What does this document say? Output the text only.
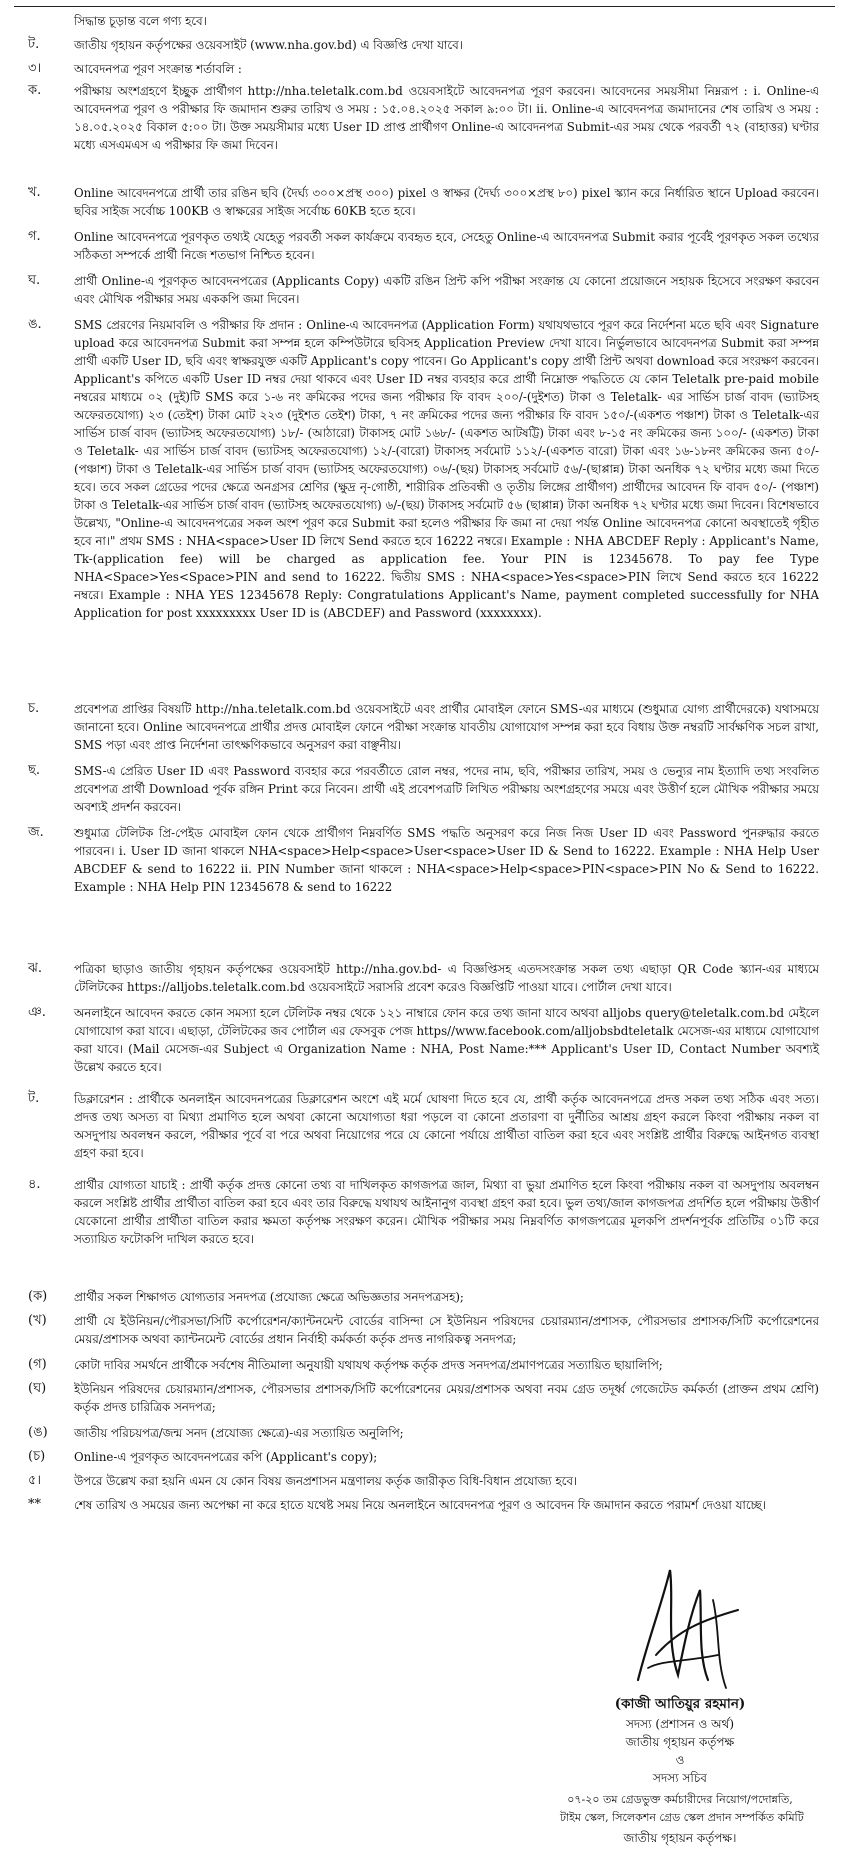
সিদ্ধান্ত চূড়ান্ত বলে গণ্য হবে।
ট.	জাতীয় গৃহায়ন কর্তৃপক্ষের ওয়েবসাইট (www.nha.gov.bd) এ বিজ্ঞপ্তি দেখা যাবে।
৩।	আবেদনপত্র পূরণ সংক্রান্ত শর্তাবলি :
ক.	পরীক্ষায় অংশগ্রহণে ইচ্ছুক প্রার্থীগণ http://nha.teletalk.com.bd ওয়েবসাইটে আবেদনপত্র পূরণ করবেন। আবেদনের সময়সীমা নিম্নরূপ : i. Online-এ আবেদনপত্র পূরণ ও পরীক্ষার ফি জমাদান শুরুর তারিখ ও সময় : ১৫.০৪.২০২৫ সকাল ৯:০০ টা। ii. Online-এ আবেদনপত্র জমাদানের শেষ তারিখ ও সময় : ১৪.০৫.২০২৫ বিকাল ৫:০০ টা। উক্ত সময়সীমার মধ্যে User ID প্রাপ্ত প্রার্থীগণ Online-এ আবেদনপত্র Submit-এর সময় থেকে পরবর্তী ৭২ (বাহাত্তর) ঘণ্টার মধ্যে এসএমএস এ পরীক্ষার ফি জমা দিবেন।
খ.	Online আবেদনপত্রে প্রার্থী তার রঙিন ছবি (দৈর্ঘ্য ৩০০×প্রস্থ ৩০০) pixel ও স্বাক্ষর (দৈর্ঘ্য ৩০০×প্রস্থ ৮০) pixel স্ক্যান করে নির্ধারিত স্থানে Upload করবেন। ছবির সাইজ সর্বোচ্চ 100KB ও স্বাক্ষরের সাইজ সর্বোচ্চ 60KB হতে হবে।
গ.	Online আবেদনপত্রে পূরণকৃত তথ্যই যেহেতু পরবর্তী সকল কার্যক্রমে ব্যবহৃত হবে, সেহেতু Online-এ আবেদনপত্র Submit করার পূর্বেই পূরণকৃত সকল তথ্যের সঠিকতা সম্পর্কে প্রার্থী নিজে শতভাগ নিশ্চিত হবেন।
ঘ.	প্রার্থী Online-এ পূরণকৃত আবেদনপত্রের (Applicants Copy) একটি রঙিন প্রিন্ট কপি পরীক্ষা সংক্রান্ত যে কোনো প্রয়োজনে সহায়ক হিসেবে সংরক্ষণ করবেন এবং মৌখিক পরীক্ষার সময় এককপি জমা দিবেন।
ঙ.	SMS প্রেরণের নিয়মাবলি ও পরীক্ষার ফি প্রদান : Online-এ আবেদনপত্র (Application Form) যথাযথভাবে পূরণ করে নির্দেশনা মতে ছবি এবং Signature upload করে আবেদনপত্র Submit করা সম্পন্ন হলে কম্পিউটারে ছবিসহ Application Preview দেখা যাবে। নির্ভুলভাবে আবেদনপত্র Submit করা সম্পন্ন প্রার্থী একটি User ID, ছবি এবং স্বাক্ষরযুক্ত একটি Applicant's copy পাবেন। Go Applicant's copy প্রার্থী প্রিন্ট অথবা download করে সংরক্ষণ করবেন। Applicant's কপিতে একটি User ID নম্বর দেয়া থাকবে এবং User ID নম্বর ব্যবহার করে প্রার্থী নিম্নোক্ত পদ্ধতিতে যে কোন Teletalk pre-paid mobile নম্বরের মাধ্যমে ০২ (দুই)টি SMS করে ১-৬ নং ক্রমিকের পদের জন্য পরীক্ষার ফি বাবদ ২০০/-(দুইশত) টাকা ও Teletalk- এর সার্ভিস চার্জ বাবদ (ভ্যাটসহ অফেরতযোগ্য) ২৩ (তেইশ) টাকা মোট ২২৩ (দুইশত তেইশ) টাকা, ৭ নং ক্রমিকের পদের জন্য পরীক্ষার ফি বাবদ ১৫০/-(একশত পঞ্চাশ) টাকা ও Teletalk-এর সার্ভিস চার্জ বাবদ (ভ্যাটসহ অফেরতযোগ্য) ১৮/- (আঠারো) টাকাসহ মোট ১৬৮/- (একশত আটষট্টি) টাকা এবং ৮-১৫ নং ক্রমিকের জন্য ১০০/- (একশত) টাকা ও Teletalk- এর সার্ভিস চার্জ বাবদ (ভ্যাটসহ অফেরতযোগ্য) ১২/-(বারো) টাকাসহ সর্বমোট ১১২/-(একশত বারো) টাকা এবং ১৬-১৮নং ক্রমিকের জন্য ৫০/- (পঞ্চাশ) টাকা ও Teletalk-এর সার্ভিস চার্জ বাবদ (ভ্যাটসহ অফেরতযোগ্য) ০৬/-(ছয়) টাকাসহ সর্বমোট ৫৬/-(ছাপ্পান্ন) টাকা অনধিক ৭২ ঘণ্টার মধ্যে জমা দিতে হবে। তবে সকল গ্রেডের পদের ক্ষেত্রে অনগ্রসর শ্রেণির (ক্ষুদ্র নৃ-গোষ্ঠী, শারীরিক প্রতিবন্ধী ও তৃতীয় লিঙ্গের প্রার্থীগণ) প্রার্থীদের আবেদন ফি বাবদ ৫০/- (পঞ্চাশ) টাকা ও Teletalk-এর সার্ভিস চার্জ বাবদ (ভ্যাটসহ অফেরতযোগ্য) ৬/-(ছয়) টাকাসহ সর্বমোট ৫৬ (ছাপ্পান্ন) টাকা অনধিক ৭২ ঘণ্টার মধ্যে জমা দিবেন। বিশেষভাবে উল্লেখ্য, "Online-এ আবেদনপত্রের সকল অংশ পূরণ করে Submit করা হলেও পরীক্ষার ফি জমা না দেয়া পর্যন্ত Online আবেদনপত্র কোনো অবস্থাতেই গৃহীত হবে না।" প্রথম SMS : NHA<space>User ID লিখে Send করতে হবে 16222 নম্বরে। Example : NHA ABCDEF Reply : Applicant's Name, Tk-(application fee) will be charged as application fee. Your PIN is 12345678. To pay fee Type NHA<Space>Yes<Space>PIN and send to 16222. দ্বিতীয় SMS : NHA<space>Yes<space>PIN লিখে Send করতে হবে 16222 নম্বরে। Example : NHA YES 12345678 Reply: Congratulations Applicant's Name, payment completed successfully for NHA Application for post xxxxxxxxx User ID is (ABCDEF) and Password (xxxxxxxx).
চ.	প্রবেশপত্র প্রাপ্তির বিষয়টি http://nha.teletalk.com.bd ওয়েবসাইটে এবং প্রার্থীর মোবাইল ফোনে SMS-এর মাধ্যমে (শুধুমাত্র যোগ্য প্রার্থীদেরকে) যথাসময়ে জানানো হবে। Online আবেদনপত্রে প্রার্থীর প্রদত্ত মোবাইল ফোনে পরীক্ষা সংক্রান্ত যাবতীয় যোগাযোগ সম্পন্ন করা হবে বিধায় উক্ত নম্বরটি সার্বক্ষণিক সচল রাখা, SMS পড়া এবং প্রাপ্ত নির্দেশনা তাৎক্ষণিকভাবে অনুসরণ করা বাঞ্ছনীয়।
ছ.	SMS-এ প্রেরিত User ID এবং Password ব্যবহার করে পরবর্তীতে রোল নম্বর, পদের নাম, ছবি, পরীক্ষার তারিখ, সময় ও ভেন্যুর নাম ইত্যাদি তথ্য সংবলিত প্রবেশপত্র প্রার্থী Download পূর্বক রঙ্গিন Print করে নিবেন। প্রার্থী এই প্রবেশপত্রটি লিখিত পরীক্ষায় অংশগ্রহণের সময়ে এবং উত্তীর্ণ হলে মৌখিক পরীক্ষার সময়ে অবশ্যই প্রদর্শন করবেন।
জ.	শুধুমাত্র টেলিটক প্রি-পেইড মোবাইল ফোন থেকে প্রার্থীগণ নিম্নবর্ণিত SMS পদ্ধতি অনুসরণ করে নিজ নিজ User ID এবং Password পুনরুদ্ধার করতে পারবেন। i. User ID জানা থাকলে NHA<space>Help<space>User<space>User ID & Send to 16222. Example : NHA Help User ABCDEF & send to 16222 ii. PIN Number জানা থাকলে : NHA<space>Help<space>PIN<space>PIN No & Send to 16222. Example : NHA Help PIN 12345678 & send to 16222
ঝ.	পত্রিকা ছাড়াও জাতীয় গৃহায়ন কর্তৃপক্ষের ওয়েবসাইট http://nha.gov.bd- এ বিজ্ঞপ্তিসহ এতদসংক্রান্ত সকল তথ্য এছাড়া QR Code স্ক্যান-এর মাধ্যমে টেলিটকের https://alljobs.teletalk.com.bd ওয়েবসাইটে সরাসরি প্রবেশ করেও বিজ্ঞপ্তিটি পাওয়া যাবে। পোর্টাল দেখা যাবে।
ঞ. অনলাইনে আবেদন করতে কোন সমস্যা হলে টেলিটক নম্বর থেকে ১২১ নাম্বারে ফোন করে তথ্য জানা যাবে অথবা alljobs query@teletalk.com.bd মেইলে যোগাযোগ করা যাবে। এছাড়া, টেলিটকের জব পোর্টাল এর ফেসবুক পেজ https//www.facebook.com/alljobsbdteletalk মেসেজ-এর মাধ্যমে যোগাযোগ করা যাবে। (Mail মেসেজ-এর Subject এ Organization Name : NHA, Post Name:*** Applicant's User ID, Contact Number অবশ্যই উল্লেখ করতে হবে।
ট.	ডিক্লারেশন : প্রার্থীকে অনলাইন আবেদনপত্রের ডিক্লারেশন অংশে এই মর্মে ঘোষণা দিতে হবে যে, প্রার্থী কর্তৃক আবেদনপত্রে প্রদত্ত সকল তথ্য সঠিক এবং সত্য। প্রদত্ত তথ্য অসত্য বা মিথ্যা প্রমাণিত হলে অথবা কোনো অযোগ্যতা ধরা পড়লে বা কোনো প্রতারণা বা দুর্নীতির আশ্রয় গ্রহণ করলে কিংবা পরীক্ষায় নকল বা অসদুপায় অবলম্বন করলে, পরীক্ষার পূর্বে বা পরে অথবা নিয়োগের পরে যে কোনো পর্যায়ে প্রার্থীতা বাতিল করা হবে এবং সংশ্লিষ্ট প্রার্থীর বিরুদ্ধে আইনগত ব্যবস্থা গ্রহণ করা হবে।
৪.	প্রার্থীর যোগ্যতা যাচাই : প্রার্থী কর্তৃক প্রদত্ত কোনো তথ্য বা দাখিলকৃত কাগজপত্র জাল, মিথ্যা বা ভুয়া প্রমাণিত হলে কিংবা পরীক্ষায় নকল বা অসদুপায় অবলম্বন করলে সংশ্লিষ্ট প্রার্থীর প্রার্থীতা বাতিল করা হবে এবং তার বিরুদ্ধে যথাযথ আইনানুগ ব্যবস্থা গ্রহণ করা হবে। ভুল তথ্য/জাল কাগজপত্র প্রদর্শিত হলে পরীক্ষায় উত্তীর্ণ যেকোনো প্রার্থীর প্রার্থীতা বাতিল করার ক্ষমতা কর্তৃপক্ষ সংরক্ষণ করেন। মৌখিক পরীক্ষার সময় নিম্নবর্ণিত কাগজপত্রের মূলকপি প্রদর্শনপূর্বক প্রতিটির ০১টি করে সত্যায়িত ফটোকপি দাখিল করতে হবে।
(ক) প্রার্থীর সকল শিক্ষাগত যোগ্যতার সনদপত্র (প্রযোজ্য ক্ষেত্রে অভিজ্ঞতার সনদপত্রসহ);
(খ) প্রার্থী যে ইউনিয়ন/পৌরসভা/সিটি কর্পোরেশন/ক্যান্টনমেন্ট বোর্ডের বাসিন্দা সে ইউনিয়ন পরিষদের চেয়ারম্যান/প্রশাসক, পৌরসভার প্রশাসক/সিটি কর্পোরেশনের মেয়র/প্রশাসক অথবা ক্যান্টনমেন্ট বোর্ডের প্রধান নির্বাহী কর্মকর্তা কর্তৃক প্রদত্ত নাগরিকত্ব সনদপত্র;
(গ) কোটা দাবির সমর্থনে প্রার্থীকে সর্বশেষ নীতিমালা অনুযায়ী যথাযথ কর্তৃপক্ষ কর্তৃক প্রদত্ত সনদপত্র/প্রমাণপত্রের সত্যায়িত ছায়ালিপি;
(ঘ) ইউনিয়ন পরিষদের চেয়ারম্যান/প্রশাসক, পৌরসভার প্রশাসক/সিটি কর্পোরেশনের মেয়র/প্রশাসক অথবা নবম গ্রেড তদূর্ধ্ব গেজেটেড কর্মকর্তা (প্রাক্তন প্রথম শ্রেণি) কর্তৃক প্রদত্ত চারিত্রিক সনদপত্র;
(ঙ) জাতীয় পরিচয়পত্র/জন্ম সনদ (প্রযোজ্য ক্ষেত্রে)-এর সত্যায়িত অনুলিপি;
(চ) Online-এ পূরণকৃত আবেদনপত্রের কপি (Applicant's copy);
৫।	উপরে উল্লেখ করা হয়নি এমন যে কোন বিষয় জনপ্রশাসন মন্ত্রণালয় কর্তৃক জারীকৃত বিধি-বিধান প্রযোজ্য হবে।
**	শেষ তারিখ ও সময়ের জন্য অপেক্ষা না করে হাতে যথেষ্ট সময় নিয়ে অনলাইনে আবেদনপত্র পূরণ ও আবেদন ফি জমাদান করতে পরামর্শ দেওয়া যাচ্ছে।
(কাজী আতিয়ুর রহমান)
সদস্য (প্রশাসন ও অর্থ)
জাতীয় গৃহায়ন কর্তৃপক্ষ
ও
সদস্য সচিব
০৭-২০ তম গ্রেডভুক্ত কর্মচারীদের নিয়োগ/পদোন্নতি,
টাইম স্কেল, সিলেকশন গ্রেড স্কেল প্রদান সম্পর্কিত কমিটি
জাতীয় গৃহায়ন কর্তৃপক্ষ।
